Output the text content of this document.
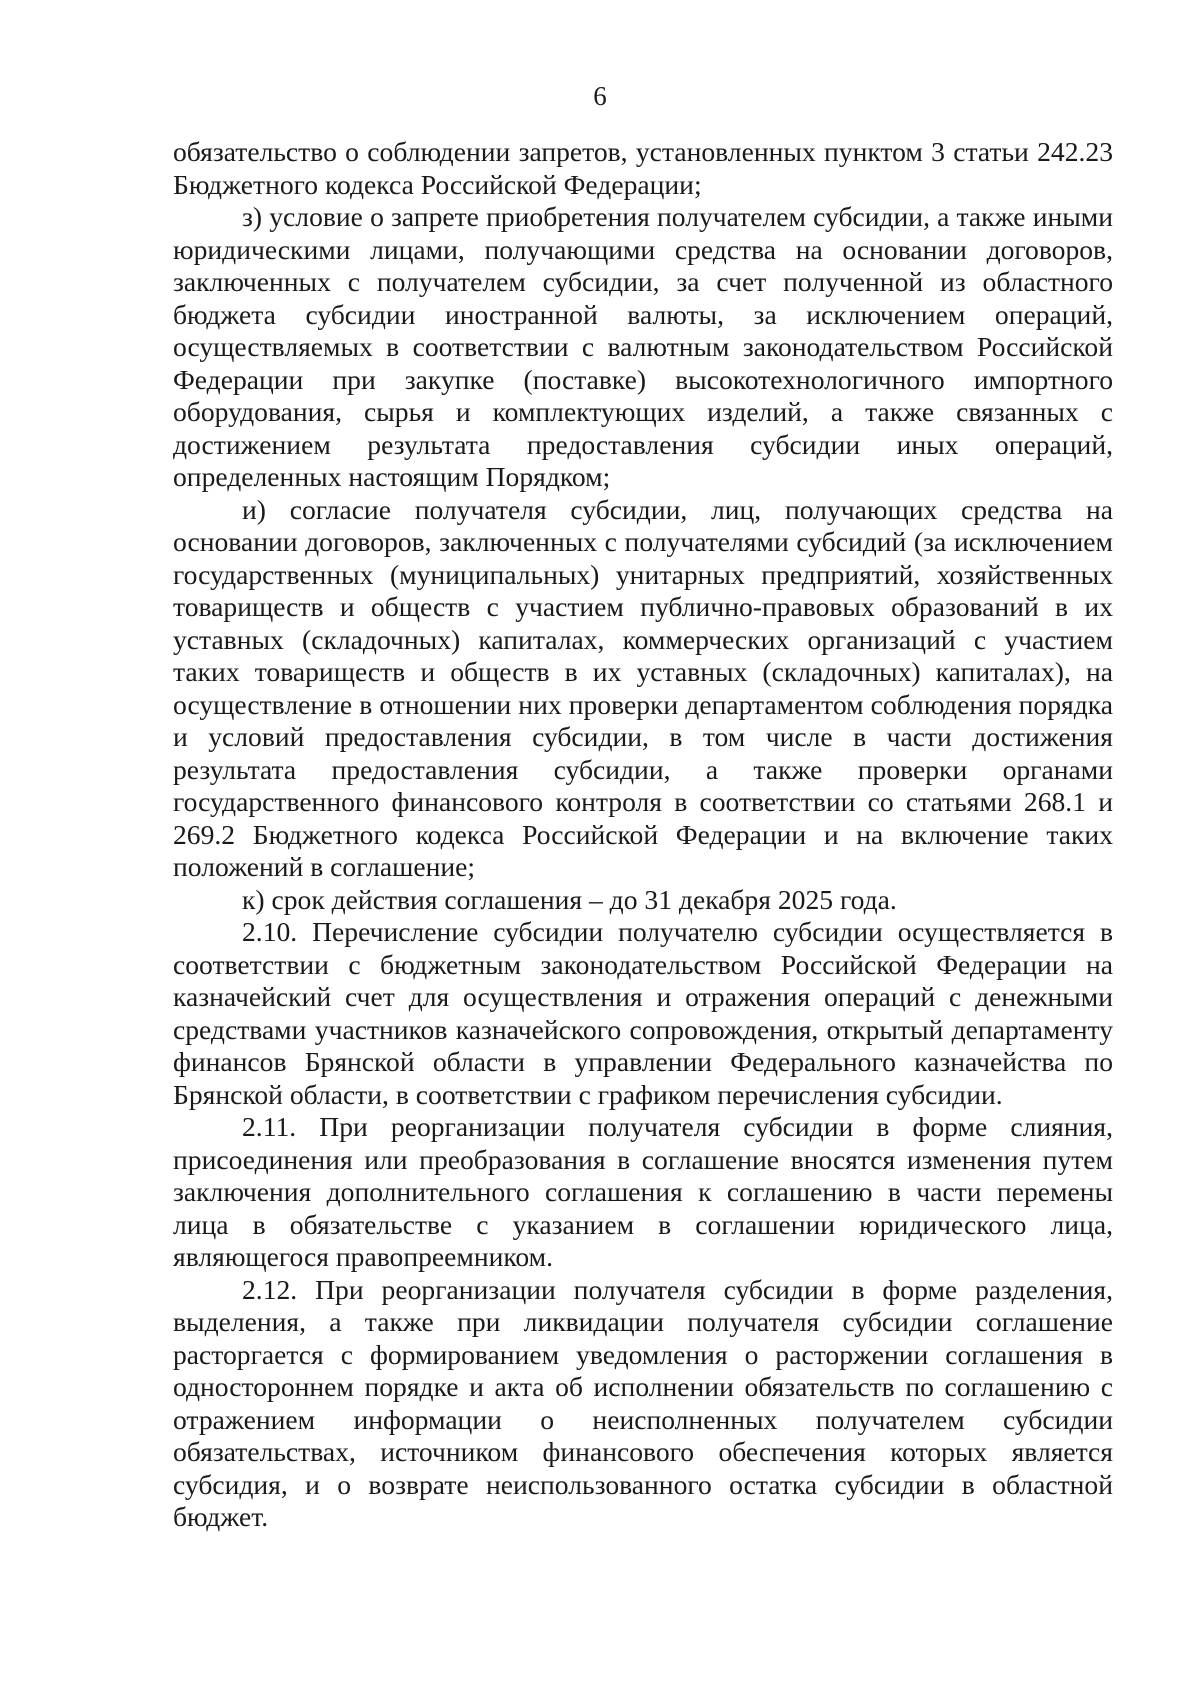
6

обязательство о соблюдении запретов, установленных пунктом 3 статьи 242.23 Бюджетного кодекса Российской Федерации;

з) условие о запрете приобретения получателем субсидии, а также иными юридическими лицами, получающими средства на основании договоров, заключенных с получателем субсидии, за счет полученной из областного бюджета субсидии иностранной валюты, за исключением операций, осуществляемых в соответствии с валютным законодательством Российской Федерации при закупке (поставке) высокотехнологичного импортного оборудования, сырья и комплектующих изделий, а также связанных с достижением результата предоставления субсидии иных операций, определенных настоящим Порядком;

и) согласие получателя субсидии, лиц, получающих средства на основании договоров, заключенных с получателями субсидий (за исключением государственных (муниципальных) унитарных предприятий, хозяйственных товариществ и обществ с участием публично-правовых образований в их уставных (складочных) капиталах, коммерческих организаций с участием таких товариществ и обществ в их уставных (складочных) капиталах), на осуществление в отношении них проверки департаментом соблюдения порядка и условий предоставления субсидии, в том числе в части достижения результата предоставления субсидии, а также проверки органами государственного финансового контроля в соответствии со статьями 268.1 и 269.2 Бюджетного кодекса Российской Федерации и на включение таких положений в соглашение;

к) срок действия соглашения – до 31 декабря 2025 года.

2.10. Перечисление субсидии получателю субсидии осуществляется в соответствии с бюджетным законодательством Российской Федерации на казначейский счет для осуществления и отражения операций с денежными средствами участников казначейского сопровождения, открытый департаменту финансов Брянской области в управлении Федерального казначейства по Брянской области, в соответствии с графиком перечисления субсидии.

2.11. При реорганизации получателя субсидии в форме слияния, присоединения или преобразования в соглашение вносятся изменения путем заключения дополнительного соглашения к соглашению в части перемены лица в обязательстве с указанием в соглашении юридического лица, являющегося правопреемником.

2.12. При реорганизации получателя субсидии в форме разделения, выделения, а также при ликвидации получателя субсидии соглашение расторгается с формированием уведомления о расторжении соглашения в одностороннем порядке и акта об исполнении обязательств по соглашению с отражением информации о неисполненных получателем субсидии обязательствах, источником финансового обеспечения которых является субсидия, и о возврате неиспользованного остатка субсидии в областной бюджет.
